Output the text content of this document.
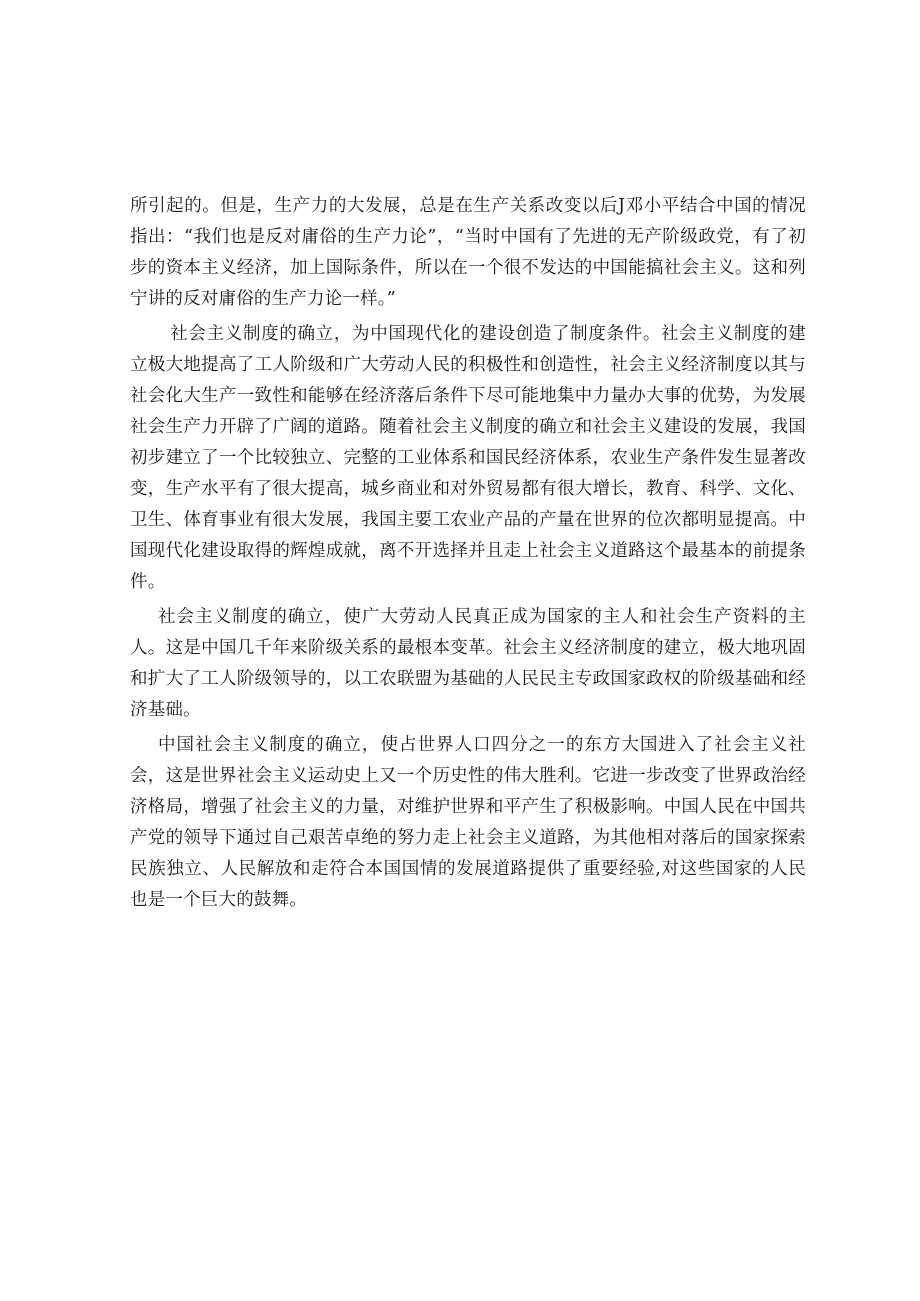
所引起的。但是，生产力的大发展，总是在生产关系改变以后J邓小平结合中国的情况指出：“我们也是反对庸俗的生产力论”，“当时中国有了先进的无产阶级政党，有了初步的资本主义经济，加上国际条件，所以在一个很不发达的中国能搞社会主义。这和列宁讲的反对庸俗的生产力论一样。”

社会主义制度的确立，为中国现代化的建设创造了制度条件。社会主义制度的建立极大地提高了工人阶级和广大劳动人民的积极性和创造性，社会主义经济制度以其与社会化大生产一致性和能够在经济落后条件下尽可能地集中力量办大事的优势，为发展社会生产力开辟了广阔的道路。随着社会主义制度的确立和社会主义建设的发展，我国初步建立了一个比较独立、完整的工业体系和国民经济体系，农业生产条件发生显著改变，生产水平有了很大提高，城乡商业和对外贸易都有很大增长，教育、科学、文化、卫生、体育事业有很大发展，我国主要工农业产品的产量在世界的位次都明显提高。中国现代化建设取得的辉煌成就，离不开选择并且走上社会主义道路这个最基本的前提条件。

社会主义制度的确立，使广大劳动人民真正成为国家的主人和社会生产资料的主人。这是中国几千年来阶级关系的最根本变革。社会主义经济制度的建立，极大地巩固和扩大了工人阶级领导的，以工农联盟为基础的人民民主专政国家政权的阶级基础和经济基础。

中国社会主义制度的确立，使占世界人口四分之一的东方大国进入了社会主义社会，这是世界社会主义运动史上又一个历史性的伟大胜利。它进一步改变了世界政治经济格局，增强了社会主义的力量，对维护世界和平产生了积极影响。中国人民在中国共产党的领导下通过自己艰苦卓绝的努力走上社会主义道路，为其他相对落后的国家探索民族独立、人民解放和走符合本国国情的发展道路提供了重要经验,对这些国家的人民也是一个巨大的鼓舞。
